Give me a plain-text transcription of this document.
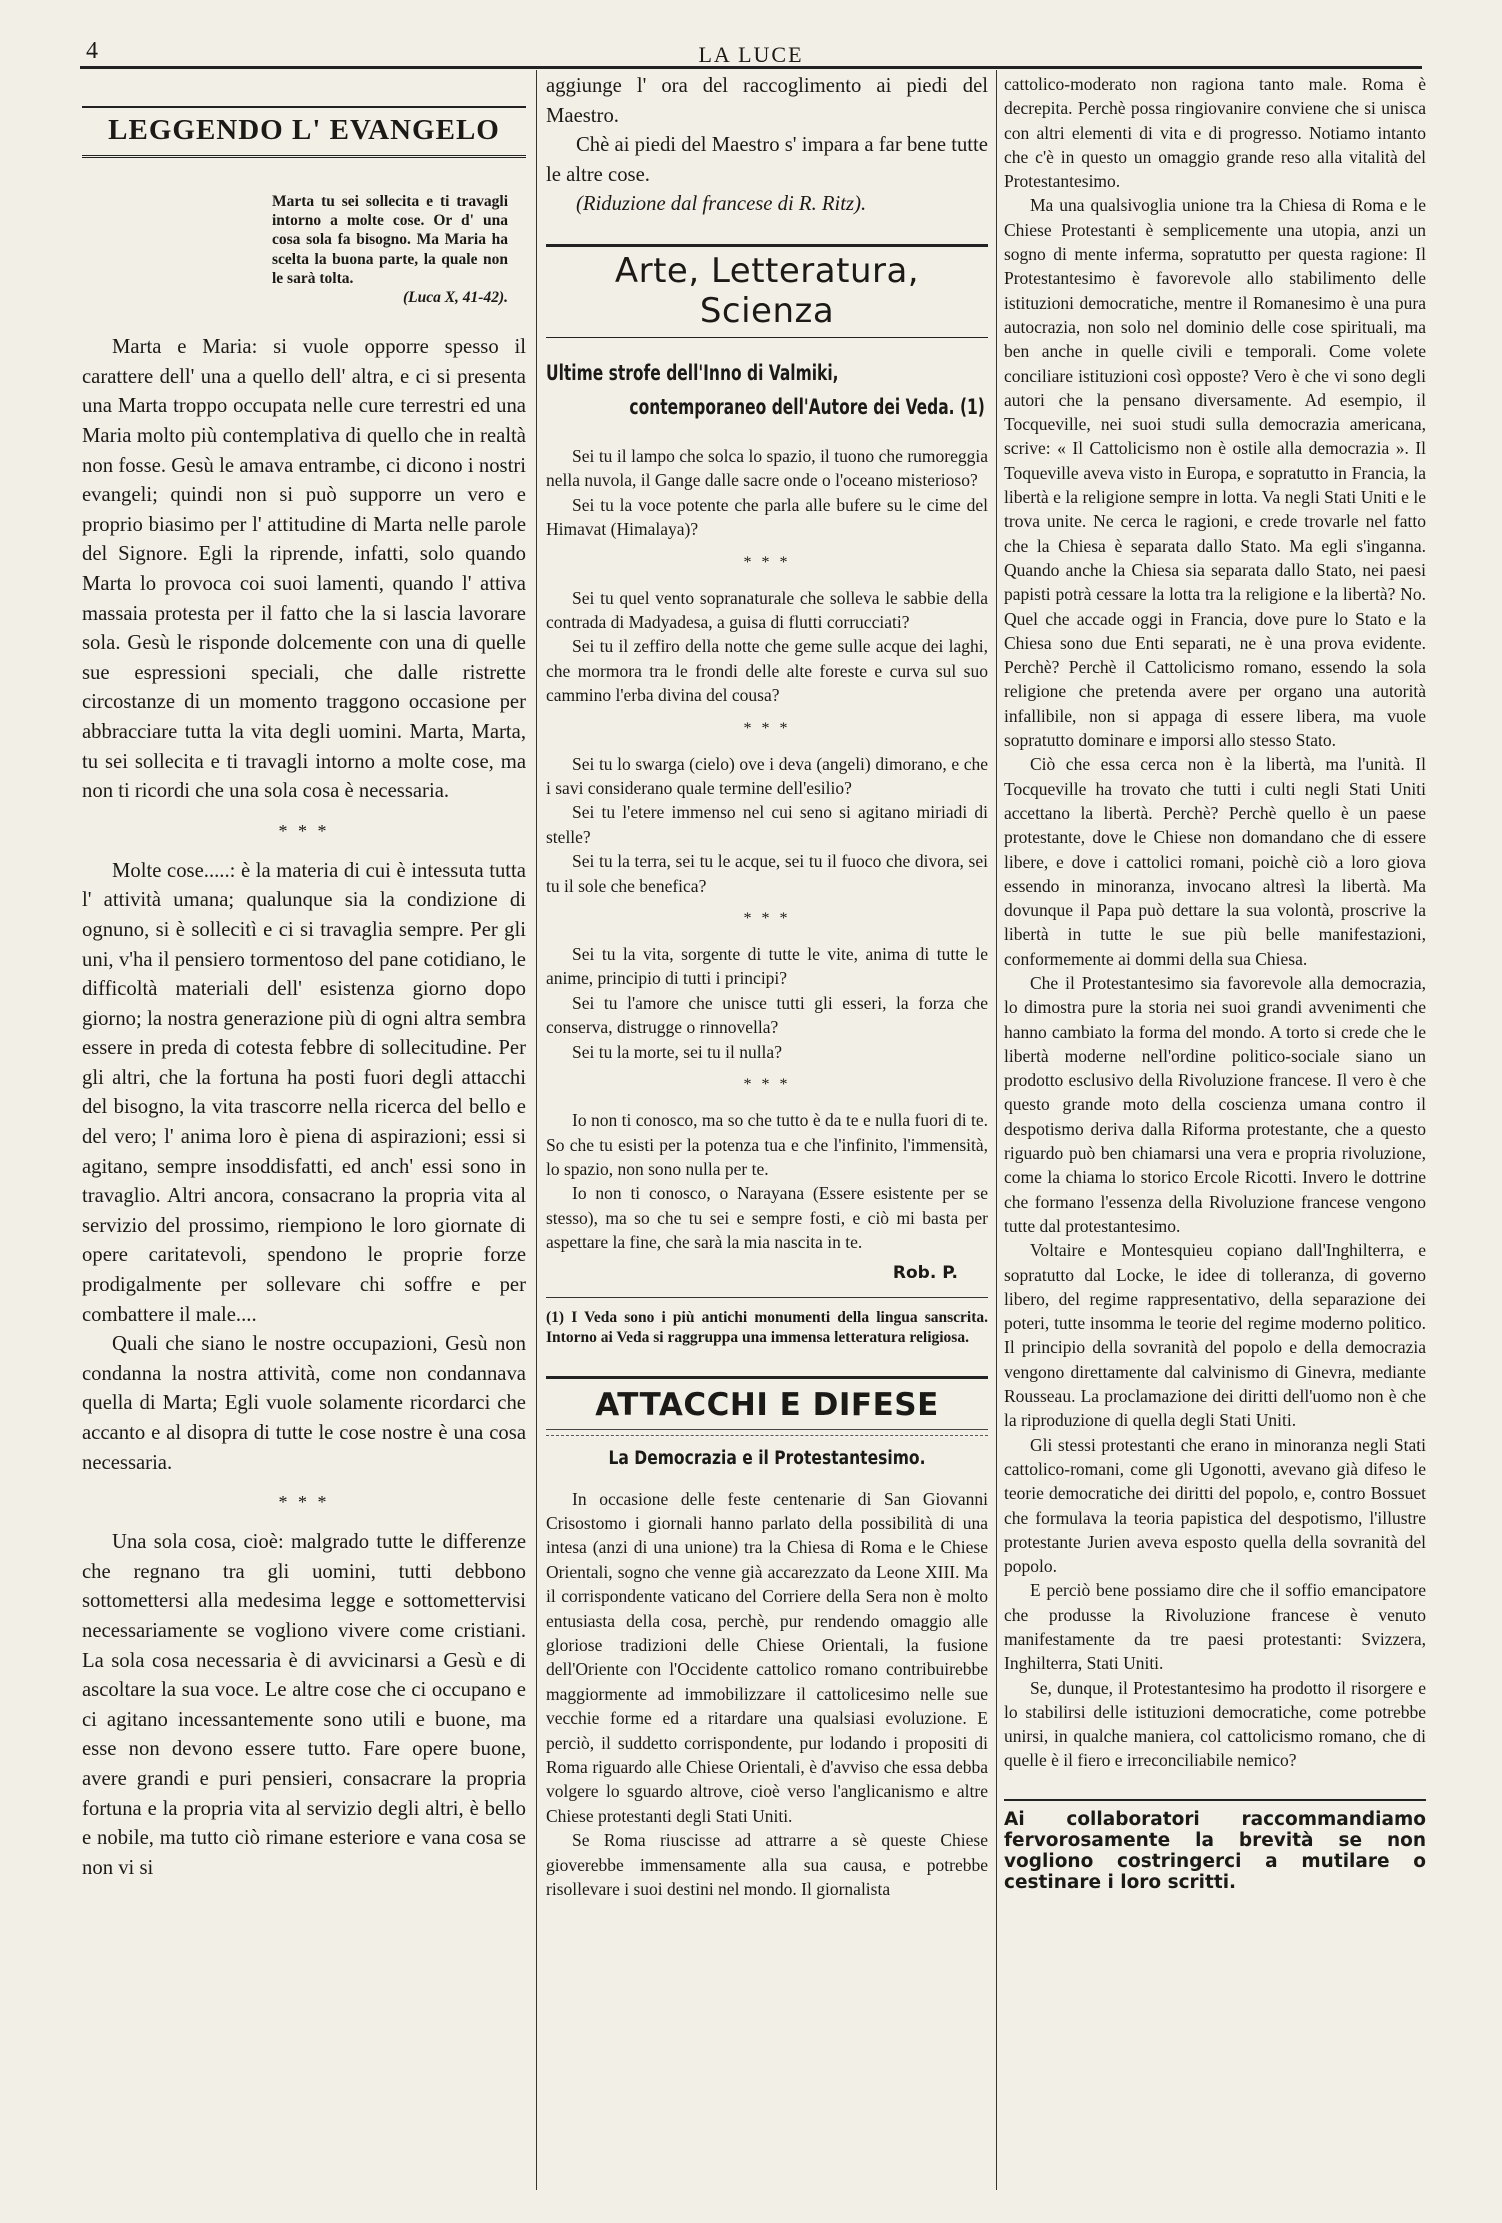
4	LA LUCE
LEGGENDO L' EVANGELO
Marta tu sei sollecita e ti travagli intorno a molte cose. Or d' una cosa sola fa bisogno. Ma Maria ha scelta la buona parte, la quale non le sarà tolta.
(Luca X, 41-42).

Marta e Maria: si vuole opporre spesso il carattere dell' una a quello dell' altra, e ci si presenta una Marta troppo occupata nelle cure terrestri ed una Maria molto più contemplativa di quello che in realtà non fosse. Gesù le amava entrambe, ci dicono i nostri evangeli; quindi non si può supporre un vero e proprio biasimo per l' attitudine di Marta nelle parole del Signore. Egli la riprende, infatti, solo quando Marta lo provoca coi suoi lamenti, quando l' attiva massaia protesta per il fatto che la si lascia lavorare sola. Gesù le risponde dolcemente con una di quelle sue espressioni speciali, che dalle ristrette circostanze di un momento traggono occasione per abbracciare tutta la vita degli uomini. Marta, Marta, tu sei sollecita e ti travagli intorno a molte cose, ma non ti ricordi che una sola cosa è necessaria.

* * *

Molte cose.....: è la materia di cui è intessuta tutta l' attività umana; qualunque sia la condizione di ognuno, si è sollecitì e ci si travaglia sempre. Per gli uni, v'ha il pensiero tormentoso del pane cotidiano, le difficoltà materiali dell' esistenza giorno dopo giorno; la nostra generazione più di ogni altra sembra essere in preda di cotesta febbre di sollecitudine. Per gli altri, che la fortuna ha posti fuori degli attacchi del bisogno, la vita trascorre nella ricerca del bello e del vero; l' anima loro è piena di aspirazioni; essi si agitano, sempre insoddisfatti, ed anch' essi sono in travaglio. Altri ancora, consacrano la propria vita al servizio del prossimo, riempiono le loro giornate di opere caritatevoli, spendono le proprie forze prodigalmente per sollevare chi soffre e per combattere il male....

Quali che siano le nostre occupazioni, Gesù non condanna la nostra attività, come non condannava quella di Marta; Egli vuole solamente ricordarci che accanto e al disopra di tutte le cose nostre è una cosa necessaria.

* * *

Una sola cosa, cioè: malgrado tutte le differenze che regnano tra gli uomini, tutti debbono sottomettersi alla medesima legge e sottomettervisi necessariamente se vogliono vivere come cristiani. La sola cosa necessaria è di avvicinarsi a Gesù e di ascoltare la sua voce. Le altre cose che ci occupano e ci agitano incessantemente sono utili e buone, ma esse non devono essere tutto. Fare opere buone, avere grandi e puri pensieri, consacrare la propria fortuna e la propria vita al servizio degli altri, è bello e nobile, ma tutto ciò rimane esteriore e vana cosa se non vi si

aggiunge l' ora del raccoglimento ai piedi del Maestro.

Chè ai piedi del Maestro s' impara a far bene tutte le altre cose.

(Riduzione dal francese di R. Ritz).

Arte, Letteratura, Scienza
Ultime strofe dell'Inno di Valmiki,
contemporaneo dell'Autore dei Veda. (1)

Sei tu il lampo che solca lo spazio, il tuono che rumoreggia nella nuvola, il Gange dalle sacre onde o l'oceano misterioso?

Sei tu la voce potente che parla alle bufere su le cime del Himavat (Himalaya)?

* * *

Sei tu quel vento sopranaturale che solleva le sabbie della contrada di Madyadesa, a guisa di flutti corrucciati?

Sei tu il zeffiro della notte che geme sulle acque dei laghi, che mormora tra le frondi delle alte foreste e curva sul suo cammino l'erba divina del cousa?

* * *

Sei tu lo swarga (cielo) ove i deva (angeli) dimorano, e che i savi considerano quale termine dell'esilio?

Sei tu l'etere immenso nel cui seno si agitano miriadi di stelle?

Sei tu la terra, sei tu le acque, sei tu il fuoco che divora, sei tu il sole che benefica?

* * *

Sei tu la vita, sorgente di tutte le vite, anima di tutte le anime, principio di tutti i principi?

Sei tu l'amore che unisce tutti gli esseri, la forza che conserva, distrugge o rinnovella?

Sei tu la morte, sei tu il nulla?

* * *

Io non ti conosco, ma so che tutto è da te e nulla fuori di te. So che tu esisti per la potenza tua e che l'infinito, l'immensità, lo spazio, non sono nulla per te.

Io non ti conosco, o Narayana (Essere esistente per se stesso), ma so che tu sei e sempre fosti, e ciò mi basta per aspettare la fine, che sarà la mia nascita in te.

Rob. P.
(1) I Veda sono i più antichi monumenti della lingua sanscrita. Intorno ai Veda si raggruppa una immensa letteratura religiosa.
ATTACCHI E DIFESE
La Democrazia e il Protestantesimo.

In occasione delle feste centenarie di San Giovanni Crisostomo i giornali hanno parlato della possibilità di una intesa (anzi di una unione) tra la Chiesa di Roma e le Chiese Orientali, sogno che venne già accarezzato da Leone XIII. Ma il corrispondente vaticano del Corriere della Sera non è molto entusiasta della cosa, perchè, pur rendendo omaggio alle gloriose tradizioni delle Chiese Orientali, la fusione dell'Oriente con l'Occidente cattolico romano contribuirebbe maggiormente ad immobilizzare il cattolicesimo nelle sue vecchie forme ed a ritardare una qualsiasi evoluzione. E perciò, il suddetto corrispondente, pur lodando i propositi di Roma riguardo alle Chiese Orientali, è d'avviso che essa debba volgere lo sguardo altrove, cioè verso l'anglicanismo e altre Chiese protestanti degli Stati Uniti.

Se Roma riuscisse ad attrarre a sè queste Chiese gioverebbe immensamente alla sua causa, e potrebbe risollevare i suoi destini nel mondo. Il giornalista

cattolico-moderato non ragiona tanto male. Roma è decrepita. Perchè possa ringiovanire conviene che si unisca con altri elementi di vita e di progresso. Notiamo intanto che c'è in questo un omaggio grande reso alla vitalità del Protestantesimo.

Ma una qualsivoglia unione tra la Chiesa di Roma e le Chiese Protestanti è semplicemente una utopia, anzi un sogno di mente inferma, sopratutto per questa ragione: Il Protestantesimo è favorevole allo stabilimento delle istituzioni democratiche, mentre il Romanesimo è una pura autocrazia, non solo nel dominio delle cose spirituali, ma ben anche in quelle civili e temporali. Come volete conciliare istituzioni così opposte? Vero è che vi sono degli autori che la pensano diversamente. Ad esempio, il Tocqueville, nei suoi studi sulla democrazia americana, scrive: « Il Cattolicismo non è ostile alla democrazia ». Il Toqueville aveva visto in Europa, e sopratutto in Francia, la libertà e la religione sempre in lotta. Va negli Stati Uniti e le trova unite. Ne cerca le ragioni, e crede trovarle nel fatto che la Chiesa è separata dallo Stato. Ma egli s'inganna. Quando anche la Chiesa sia separata dallo Stato, nei paesi papisti potrà cessare la lotta tra la religione e la libertà? No. Quel che accade oggi in Francia, dove pure lo Stato e la Chiesa sono due Enti separati, ne è una prova evidente. Perchè? Perchè il Cattolicismo romano, essendo la sola religione che pretenda avere per organo una autorità infallibile, non si appaga di essere libera, ma vuole sopratutto dominare e imporsi allo stesso Stato.

Ciò che essa cerca non è la libertà, ma l'unità. Il Tocqueville ha trovato che tutti i culti negli Stati Uniti accettano la libertà. Perchè? Perchè quello è un paese protestante, dove le Chiese non domandano che di essere libere, e dove i cattolici romani, poichè ciò a loro giova essendo in minoranza, invocano altresì la libertà. Ma dovunque il Papa può dettare la sua volontà, proscrive la libertà in tutte le sue più belle manifestazioni, conformemente ai dommi della sua Chiesa.

Che il Protestantesimo sia favorevole alla democrazia, lo dimostra pure la storia nei suoi grandi avvenimenti che hanno cambiato la forma del mondo. A torto si crede che le libertà moderne nell'ordine politico-sociale siano un prodotto esclusivo della Rivoluzione francese. Il vero è che questo grande moto della coscienza umana contro il despotismo deriva dalla Riforma protestante, che a questo riguardo può ben chiamarsi una vera e propria rivoluzione, come la chiama lo storico Ercole Ricotti. Invero le dottrine che formano l'essenza della Rivoluzione francese vengono tutte dal protestantesimo.

Voltaire e Montesquieu copiano dall'Inghilterra, e sopratutto dal Locke, le idee di tolleranza, di governo libero, del regime rappresentativo, della separazione dei poteri, tutte insomma le teorie del regime moderno politico. Il principio della sovranità del popolo e della democrazia vengono direttamente dal calvinismo di Ginevra, mediante Rousseau. La proclamazione dei diritti dell'uomo non è che la riproduzione di quella degli Stati Uniti.

Gli stessi protestanti che erano in minoranza negli Stati cattolico-romani, come gli Ugonotti, avevano già difeso le teorie democratiche dei diritti del popolo, e, contro Bossuet che formulava la teoria papistica del despotismo, l'illustre protestante Jurien aveva esposto quella della sovranità del popolo.

E perciò bene possiamo dire che il soffio emancipatore che produsse la Rivoluzione francese è venuto manifestamente da tre paesi protestanti: Svizzera, Inghilterra, Stati Uniti.

Se, dunque, il Protestantesimo ha prodotto il risorgere e lo stabilirsi delle istituzioni democratiche, come potrebbe unirsi, in qualche maniera, col cattolicismo romano, che di quelle è il fiero e irreconciliabile nemico?

Ai collaboratori raccommandiamo fervorosamente la brevità se non vogliono costringerci a mutilare o cestinare i loro scritti.
